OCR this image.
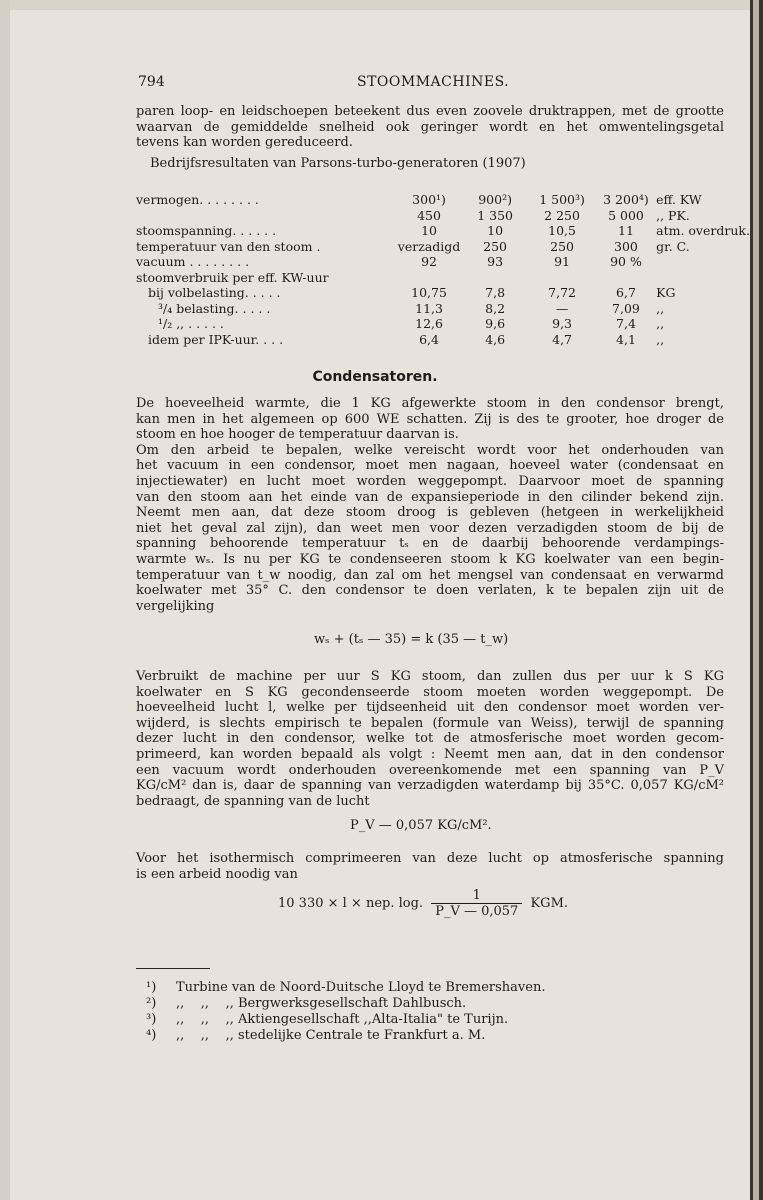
794	STOOMMACHINES.
paren loop- en leidschoepen beteekent dus even zoovele druktrappen, met de grootte
waarvan de gemiddelde snelheid ook geringer wordt en het omwentelingsgetal
tevens kan worden gereduceerd.
Bedrijfsresultaten van Parsons-turbo-generatoren (1907)
vermogen. . . . . . . .	300¹)	900²)	1 500³)	3 200⁴)	eff. KW
	450	1 350	2 250	5 000	,, PK.
stoomspanning. . . . . .	10	10	10,5	11	atm. overdruk.
temperatuur van den stoom .	verzadigd	250	250	300	gr. C.
vacuum . . . . . . . .	92	93	91	90 %	
stoomverbruik per eff. KW-uur					
bij volbelasting. . . . .	10,75	7,8	7,72	6,7	KG
³/₄ belasting. . . . .	11,3	8,2	—	7,09	,,
¹/₂ ,, . . . . .	12,6	9,6	9,3	7,4	,,
idem per IPK-uur. . . .	6,4	4,6	4,7	4,1	,,
Condensatoren.
De hoeveelheid warmte, die 1 KG afgewerkte stoom in den condensor brengt,
kan men in het algemeen op 600 WE schatten. Zij is des te grooter, hoe droger de
stoom en hoe hooger de temperatuur daarvan is.
Om den arbeid te bepalen, welke vereischt wordt voor het onderhouden van
het vacuum in een condensor, moet men nagaan, hoeveel water (condensaat en
injectiewater) en lucht moet worden weggepompt. Daarvoor moet de spanning
van den stoom aan het einde van de expansieperiode in den cilinder bekend zijn.
Neemt men aan, dat deze stoom droog is gebleven (hetgeen in werkelijkheid
niet het geval zal zijn), dan weet men voor dezen verzadigden stoom de bij de
spanning behoorende temperatuur tₛ en de daarbij behoorende verdampings-
warmte wₛ. Is nu per KG te condenseeren stoom k KG koelwater van een begin-
temperatuur van t_w noodig, dan zal om het mengsel van condensaat en verwarmd
koelwater met 35° C. den condensor te doen verlaten, k te bepalen zijn uit de
vergelijking
wₛ + (tₛ — 35) = k (35 — t_w)
Verbruikt de machine per uur S KG stoom, dan zullen dus per uur k S KG
koelwater en S KG gecondenseerde stoom moeten worden weggepompt. De
hoeveelheid lucht l, welke per tijdseenheid uit den condensor moet worden ver-
wijderd, is slechts empirisch te bepalen (formule van Weiss), terwijl de spanning
dezer lucht in den condensor, welke tot de atmosferische moet worden gecom-
primeerd, kan worden bepaald als volgt : Neemt men aan, dat in den condensor
een vacuum wordt onderhouden overeenkomende met een spanning van P_V
KG/cM² dan is, daar de spanning van verzadigden waterdamp bij 35°C. 0,057 KG/cM²
bedraagt, de spanning van de lucht
P_V — 0,057 KG/cM².
Voor het isothermisch comprimeeren van deze lucht op atmosferische spanning
is een arbeid noodig van
10 330 × l × nep. log. $\frac{1}{P\_V — 0,057}$ KGM.
¹) Turbine van de Noord-Duitsche Lloyd te Bremershaven.
²) ,,    ,,    ,, Bergwerksgesellschaft Dahlbusch.
³) ,,    ,,    ,, Aktiengesellschaft ,,Alta-Italia" te Turijn.
⁴) ,,    ,,    ,, stedelijke Centrale te Frankfurt a. M.
